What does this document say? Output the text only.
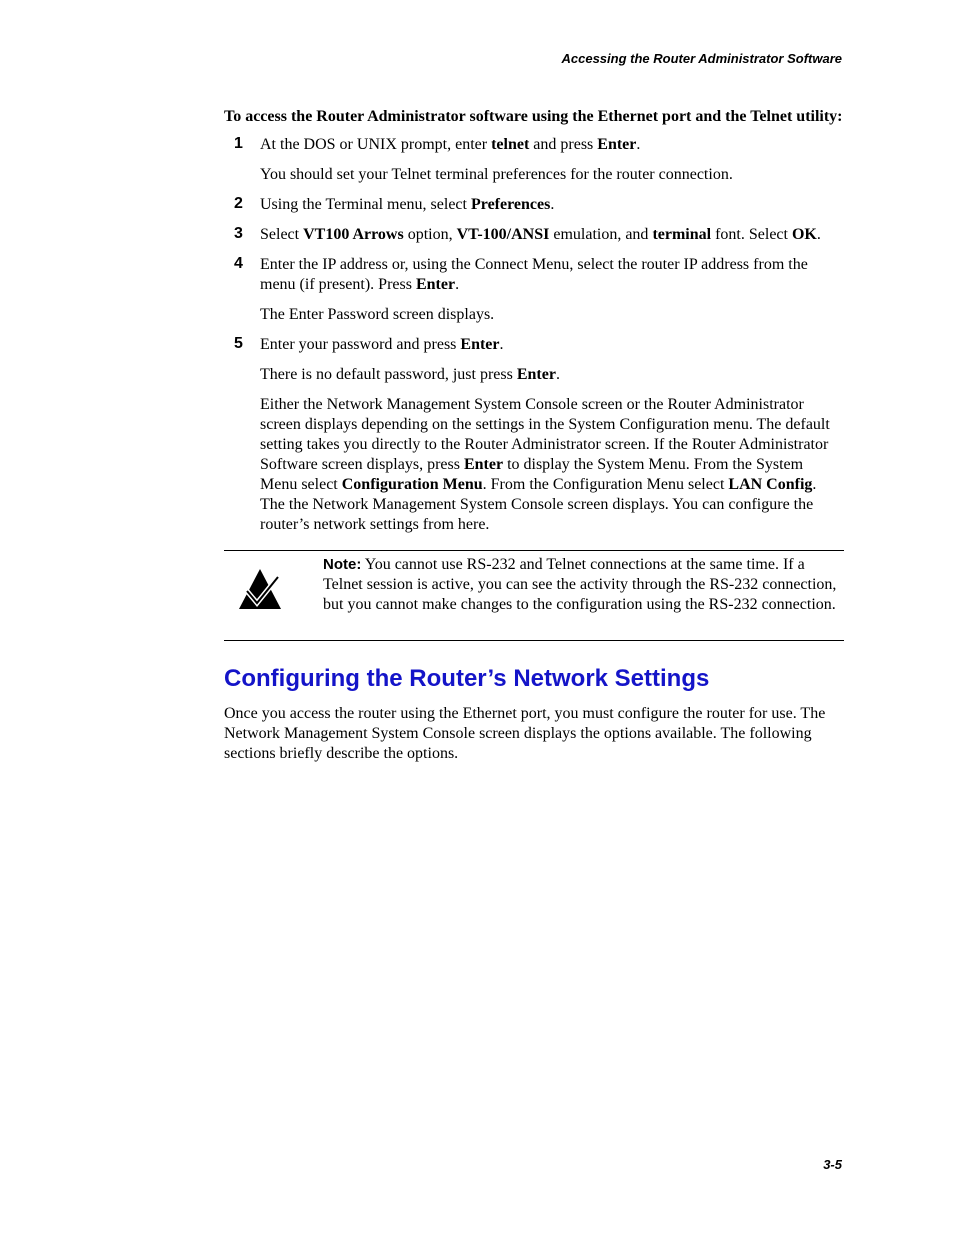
Accessing the Router Administrator Software

To access the Router Administrator software using the Ethernet port and the Telnet utility:

1 At the DOS or UNIX prompt, enter telnet and press Enter.

You should set your Telnet terminal preferences for the router connection.

2 Using the Terminal menu, select Preferences.
3 Select VT100 Arrows option, VT-100/ANSI emulation, and terminal font. Select OK.
4 Enter the IP address or, using the Connect Menu, select the router IP address from the menu (if present). Press Enter.

The Enter Password screen displays.

5 Enter your password and press Enter.

There is no default password, just press Enter.

Either the Network Management System Console screen or the Router Administrator screen displays depending on the settings in the System Configuration menu. The default setting takes you directly to the Router Administrator screen. If the Router Administrator Software screen displays, press Enter to display the System Menu. From the System Menu select Configuration Menu. From the Configuration Menu select LAN Config. The the Network Management System Console screen displays. You can configure the router’s network settings from here.

Note: You cannot use RS-232 and Telnet connections at the same time. If a Telnet session is active, you can see the activity through the RS-232 connection, but you cannot make changes to the configuration using the RS-232 connection.
Configuring the Router’s Network Settings

Once you access the router using the Ethernet port, you must configure the router for use. The Network Management System Console screen displays the options available. The following sections briefly describe the options.

3-5
